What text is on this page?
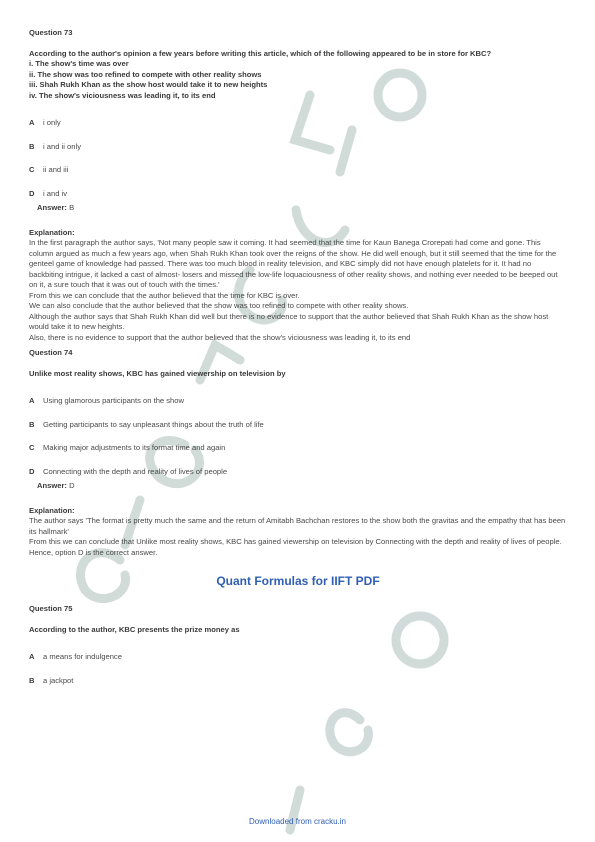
Question 73
According to the author's opinion a few years before writing this article, which of the following appeared to be in store for KBC?
i. The show's time was over
ii. The show was too refined to compete with other reality shows
iii. Shah Rukh Khan as the show host would take it to new heights
iv. The show's viciousness was leading it, to its end
A	i only
B	i and ii only
C	ii and iii
D	i and iv
Answer: B
Explanation:
In the first paragraph the author says, 'Not many people saw it coming. It had seemed that the time for Kaun Banega Crorepati had come and gone. This column argued as much a few years ago, when Shah Rukh Khan took over the reigns of the show. He did well enough, but it still seemed that the time for the genteel game of knowledge had passed. There was too much blood in reality television, and KBC simply did not have enough platelets for it. It had no backbiting intrigue, it lacked a cast of almost- losers and missed the low-life loquaciousness of other reality shows, and nothing ever needed to be beeped out on it, a sure touch that it was out of touch with the times.'
From this we can conclude that the author believed that the time for KBC is over.
We can also conclude that the author believed that the show was too refined to compete with other reality shows.
Although the author says that Shah Rukh Khan did well but there is no evidence to support that the author believed that Shah Rukh Khan as the show host would take it to new heights.
Also, there is no evidence to support that the author believed that the show's viciousness was leading it, to its end
Question 74
Unlike most reality shows, KBC has gained viewership on television by
A	Using glamorous participants on the show
B	Getting participants to say unpleasant things about the truth of life
C	Making major adjustments to its format time and again
D	Connecting with the depth and reality of lives of people
Answer: D
Explanation:
The author says 'The format is pretty much the same and the return of Amitabh Bachchan restores to the show both the gravitas and the empathy that has been its hallmark'
From this we can conclude that Unlike most reality shows, KBC has gained viewership on television by Connecting with the depth and reality of lives of people.
Hence, option D is the correct answer.
Quant Formulas for IIFT PDF
Question 75
According to the author, KBC presents the prize money as
A	a means for indulgence
B	a jackpot
Downloaded from cracku.in
